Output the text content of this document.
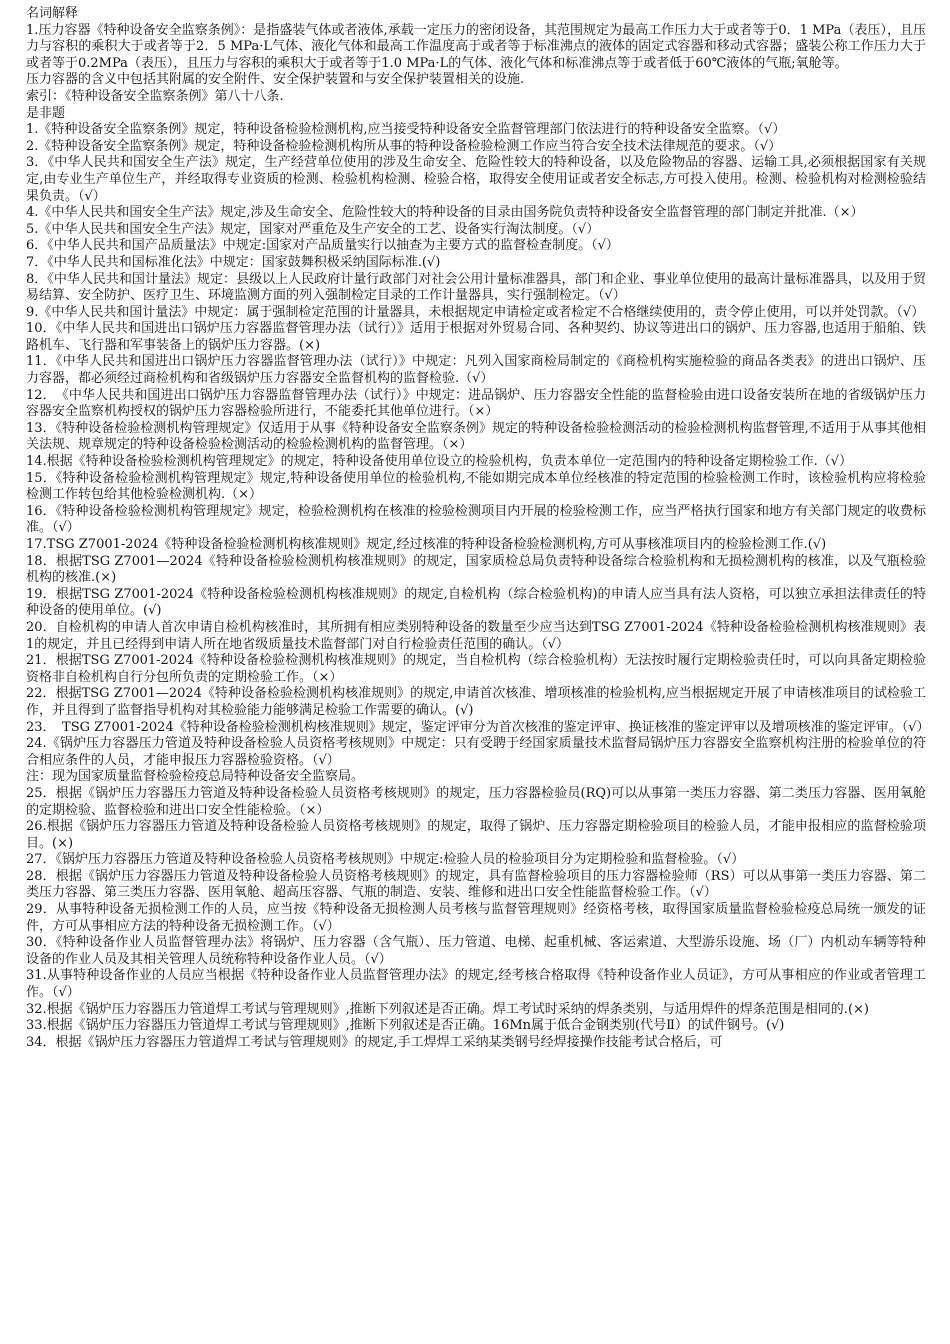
名词解释

1.压力容器《特种设备安全监察条例》：是指盛装气体或者液体,承载一定压力的密闭设备，其范围规定为最高工作压力大于或者等于0．1 MPa（表压），且压力与容积的乘积大于或者等于2．5 MPa·L气体、液化气体和最高工作温度高于或者等于标准沸点的液体的固定式容器和移动式容器；盛装公称工作压力大于或者等于0.2MPa（表压），且压力与容积的乘积大于或者等于1.0 MPa·L的气体、液化气体和标准沸点等于或者低于60℃液体的气瓶;氧舱等。

压力容器的含义中包括其附属的安全附件、安全保护装置和与安全保护装置相关的设施.

索引：《特种设备安全监察条例》第八十八条.

是非题

1.《特种设备安全监察条例》规定，特种设备检验检测机构,应当接受特种设备安全监督管理部门依法进行的特种设备安全监察。（√）

2.《特种设备安全监察条例》规定，特种设备检验检测机构所从事的特种设备检验检测工作应当符合安全技术法律规范的要求。（√）

3．《中华人民共和国安全生产法》规定，生产经营单位使用的涉及生命安全、危险性较大的特种设备，以及危险物品的容器、运输工具,必须根据国家有关规定,由专业生产单位生产，并经取得专业资质的检测、检验机构检测、检验合格，取得安全使用证或者安全标志,方可投入使用。检测、检验机构对检测检验结果负责。（√）

4.《中华人民共和国安全生产法》规定,涉及生命安全、危险性较大的特种设备的目录由国务院负责特种设备安全监督管理的部门制定并批准.（×）

5.《中华人民共和国安全生产法》规定，国家对严重危及生产安全的工艺、设备实行淘汰制度。（√）

6．《中华人民共和国产品质量法》中规定:国家对产品质量实行以抽查为主要方式的监督检查制度。（√）

7．《中华人民共和国标准化法》中规定：国家鼓舞积极采纳国际标准.(√)

8．《中华人民共和国计量法》规定：县级以上人民政府计量行政部门对社会公用计量标准器具，部门和企业、事业单位使用的最高计量标准器具，以及用于贸易结算、安全防护、医疗卫生、环境监测方面的列入强制检定目录的工作计量器具，实行强制检定。（√）

9.《中华人民共和国计量法》中规定：属于强制检定范围的计量器具，未根据规定申请检定或者检定不合格继续使用的，责令停止使用，可以并处罚款。（√）

10．《中华人民共和国进出口锅炉压力容器监督管理办法（试行）》适用于根据对外贸易合同、各种契约、协议等进出口的锅炉、压力容器,也适用于船舶、铁路机车、飞行器和军事装备上的锅炉压力容器。(×)

11．《中华人民共和国进出口锅炉压力容器监督管理办法（试行）》中规定：凡列入国家商检局制定的《商检机构实施检验的商品各类表》的进出口锅炉、压力容器，都必须经过商检机构和省级锅炉压力容器安全监督机构的监督检验.（√）

12．　《中华人民共和国进出口锅炉压力容器监督管理办法（试行）》中规定：进品锅炉、压力容器安全性能的监督检验由进口设备安装所在地的省级锅炉压力容器安全监察机构授权的锅炉压力容器检验所进行，不能委托其他单位进行。（×）

13．《特种设备检验检测机构管理规定》仅适用于从事《特种设备安全监察条例》规定的特种设备检验检测活动的检验检测机构监督管理,不适用于从事其他相关法规、规章规定的特种设备检验检测活动的检验检测机构的监督管理。（×）

14.根据《特种设备检验检测机构管理规定》的规定，特种设备使用单位设立的检验机构，负责本单位一定范围内的特种设备定期检验工作.（√）

15．《特种设备检验检测机构管理规定》规定,特种设备使用单位的检验机构,不能如期完成本单位经核准的特定范围的检验检测工作时，该检验机构应将检验检测工作转包给其他检验检测机构.（×）

16．《特种设备检验检测机构管理规定》规定，检验检测机构在核准的检验检测项目内开展的检验检测工作，应当严格执行国家和地方有关部门规定的收费标准。（√）

17.TSG Z7001-2024《特种设备检验检测机构核准规则》规定,经过核准的特种设备检验检测机构,方可从事核准项目内的检验检测工作.(√)

18．根据TSG Z7001—2024《特种设备检验检测机构核准规则》的规定，国家质检总局负责特种设备综合检验机构和无损检测机构的核准，以及气瓶检验机构的核准.(×)

19．根据TSG Z7001-2024《特种设备检验检测机构核准规则》的规定,自检机构（综合检验机构)的申请人应当具有法人资格，可以独立承担法律责任的特种设备的使用单位。(√)

20．自检机构的申请人首次申请自检机构核准时，其所拥有相应类别特种设备的数量至少应当达到TSG Z7001-2024《特种设备检验检测机构核准规则》表1的规定，并且已经得到申请人所在地省级质量技术监督部门对自行检验责任范围的确认。（√）

21．根据TSG Z7001-2024《特种设备检验检测机构核准规则》的规定，当自检机构（综合检验机构）无法按时履行定期检验责任时，可以向具备定期检验资格非自检机构自行分包所负责的定期检验工作。（×）

22．根据TSG Z7001—2024《特种设备检验检测机构核准规则》的规定,申请首次核准、增项核准的检验机构,应当根据规定开展了申请核准项目的试检验工作，并且得到了监督指导机构对其检验能力能够满足检验工作需要的确认。(√)

23．　TSG Z7001-2024《特种设备检验检测机构核准规则》规定，鉴定评审分为首次核准的鉴定评审、换证核准的鉴定评审以及增项核准的鉴定评审。（√）

24.《锅炉压力容器压力管道及特种设备检验人员资格考核规则》中规定：只有受聘于经国家质量技术监督局锅炉压力容器安全监察机构注册的检验单位的符合相应条件的人员，才能申报压力容器检验资格。（√）

注：现为国家质量监督检验检疫总局特种设备安全监察局。

25．根据《锅炉压力容器压力管道及特种设备检验人员资格考核规则》的规定，压力容器检验员(RQ)可以从事第一类压力容器、第二类压力容器、医用氧舱的定期检验、监督检验和进出口安全性能检验。（×）

26.根据《锅炉压力容器压力管道及特种设备检验人员资格考核规则》的规定，取得了锅炉、压力容器定期检验项目的检验人员，才能申报相应的监督检验项目。(×)

27．《锅炉压力容器压力管道及特种设备检验人员资格考核规则》中规定:检验人员的检验项目分为定期检验和监督检验。（√）

28．根据《锅炉压力容器压力管道及特种设备检验人员资格考核规则》的规定，具有监督检验项目的压力容器检验师（RS）可以从事第一类压力容器、第二类压力容器、第三类压力容器、医用氧舱、超高压容器、气瓶的制造、安装、维修和进出口安全性能监督检验工作。（√）

29．从事特种设备无损检测工作的人员，应当按《特种设备无损检测人员考核与监督管理规则》经资格考核，取得国家质量监督检验检疫总局统一颁发的证件，方可从事相应方法的特种设备无损检测工作。（√）

30．《特种设备作业人员监督管理办法》将锅炉、压力容器（含气瓶）、压力管道、电梯、起重机械、客运索道、大型游乐设施、场（厂）内机动车辆等特种设备的作业人员及其相关管理人员统称特种设备作业人员。（√）

31.从事特种设备作业的人员应当根据《特种设备作业人员监督管理办法》的规定,经考核合格取得《特种设备作业人员证》，方可从事相应的作业或者管理工作。（√）

32.根据《锅炉压力容器压力管道焊工考试与管理规则》,推断下列叙述是否正确。焊工考试时采纳的焊条类别，与适用焊件的焊条范围是相同的.(×)

33.根据《锅炉压力容器压力管道焊工考试与管理规则》,推断下列叙述是否正确。16Mn属于低合金钢类别(代号Ⅱ）的试件钢号。(√)

34．根据《锅炉压力容器压力管道焊工考试与管理规则》的规定,手工焊焊工采纳某类钢号经焊接操作技能考试合格后，可
